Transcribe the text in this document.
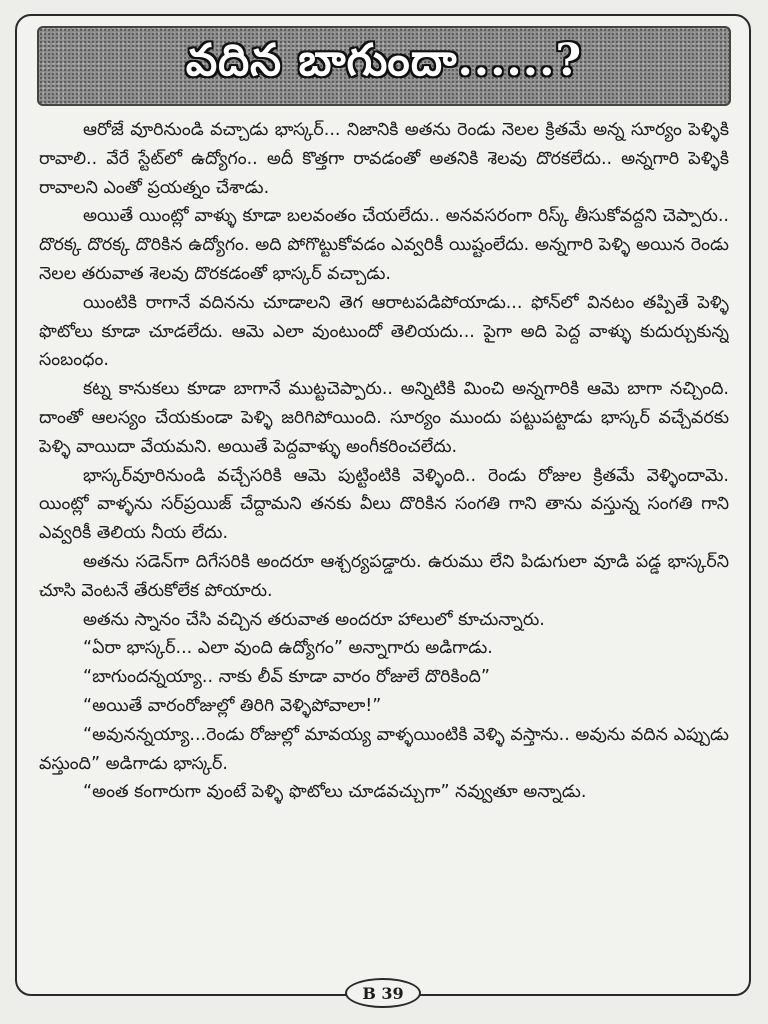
వదిన బాగుందా......?

ఆరోజే వూరినుండి వచ్చాడు భాస్కర్... నిజానికి అతను రెండు నెలల క్రితమే అన్న సూర్యం పెళ్ళికి రావాలి.. వేరే స్టేట్‌లో ఉద్యోగం.. అదీ కొత్తగా రావడంతో అతనికి శెలవు దొరకలేదు.. అన్నగారి పెళ్ళికి రావాలని ఎంతో ప్రయత్నం చేశాడు.

అయితే యింట్లో వాళ్ళు కూడా బలవంతం చేయలేదు.. అనవసరంగా రిస్క్ తీసుకోవద్దని చెప్పారు.. దొరక్క దొరక్క దొరికిన ఉద్యోగం. అది పోగొట్టుకోవడం ఎవ్వరికీ యిష్టంలేదు. అన్నగారి పెళ్ళి అయిన రెండు నెలల తరువాత శెలవు దొరకడంతో భాస్కర్ వచ్చాడు.

యింటికి రాగానే వదినను చూడాలని తెగ ఆరాటపడిపోయాడు... ఫోన్‌లో వినటం తప్పితే పెళ్ళి ఫొటోలు కూడా చూడలేదు. ఆమె ఎలా వుంటుందో తెలియదు... పైగా అది పెద్ద వాళ్ళు కుదుర్చుకున్న సంబంధం.

కట్న కానుకలు కూడా బాగానే ముట్టచెప్పారు.. అన్నిటికి మించి అన్నగారికి ఆమె బాగా నచ్చింది. దాంతో ఆలస్యం చేయకుండా పెళ్ళి జరిగిపోయింది. సూర్యం ముందు పట్టుపట్టాడు భాస్కర్ వచ్చేవరకు పెళ్ళి వాయిదా వేయమని. అయితే పెద్దవాళ్ళు అంగీకరించలేదు.

భాస్కర్‌వూరినుండి వచ్చేసరికి ఆమె పుట్టింటికి వెళ్ళింది.. రెండు రోజుల క్రితమే వెళ్ళిందామె. యింట్లో వాళ్ళను సర్‌ప్రయిజ్ చేద్దామని తనకు వీలు దొరికిన సంగతి గాని తాను వస్తున్న సంగతి గాని ఎవ్వరికీ తెలియ నీయ లేదు.

అతను సడెన్‌గా దిగేసరికి అందరూ ఆశ్చర్యపడ్డారు. ఉరుము లేని పిడుగులా వూడి పడ్డ భాస్కర్‌ని చూసి వెంటనే తేరుకోలేక పోయారు.

అతను స్నానం చేసి వచ్చిన తరువాత అందరూ హాలులో కూచున్నారు.

“ఏరా భాస్కర్... ఎలా వుంది ఉద్యోగం” అన్నాగారు అడిగాడు.

“బాగుందన్నయ్యా.. నాకు లీవ్ కూడా వారం రోజులే దొరికింది”

“అయితే వారంరోజుల్లో తిరిగి వెళ్ళిపోవాలా!”

“అవునన్నయ్యా...రెండు రోజుల్లో మావయ్య వాళ్ళయింటికి వెళ్ళి వస్తాను.. అవును వదిన ఎప్పుడు వస్తుంది” అడిగాడు భాస్కర్.

“అంత కంగారుగా వుంటే పెళ్ళి ఫొటోలు చూడవచ్చుగా” నవ్వుతూ అన్నాడు.

B 39
